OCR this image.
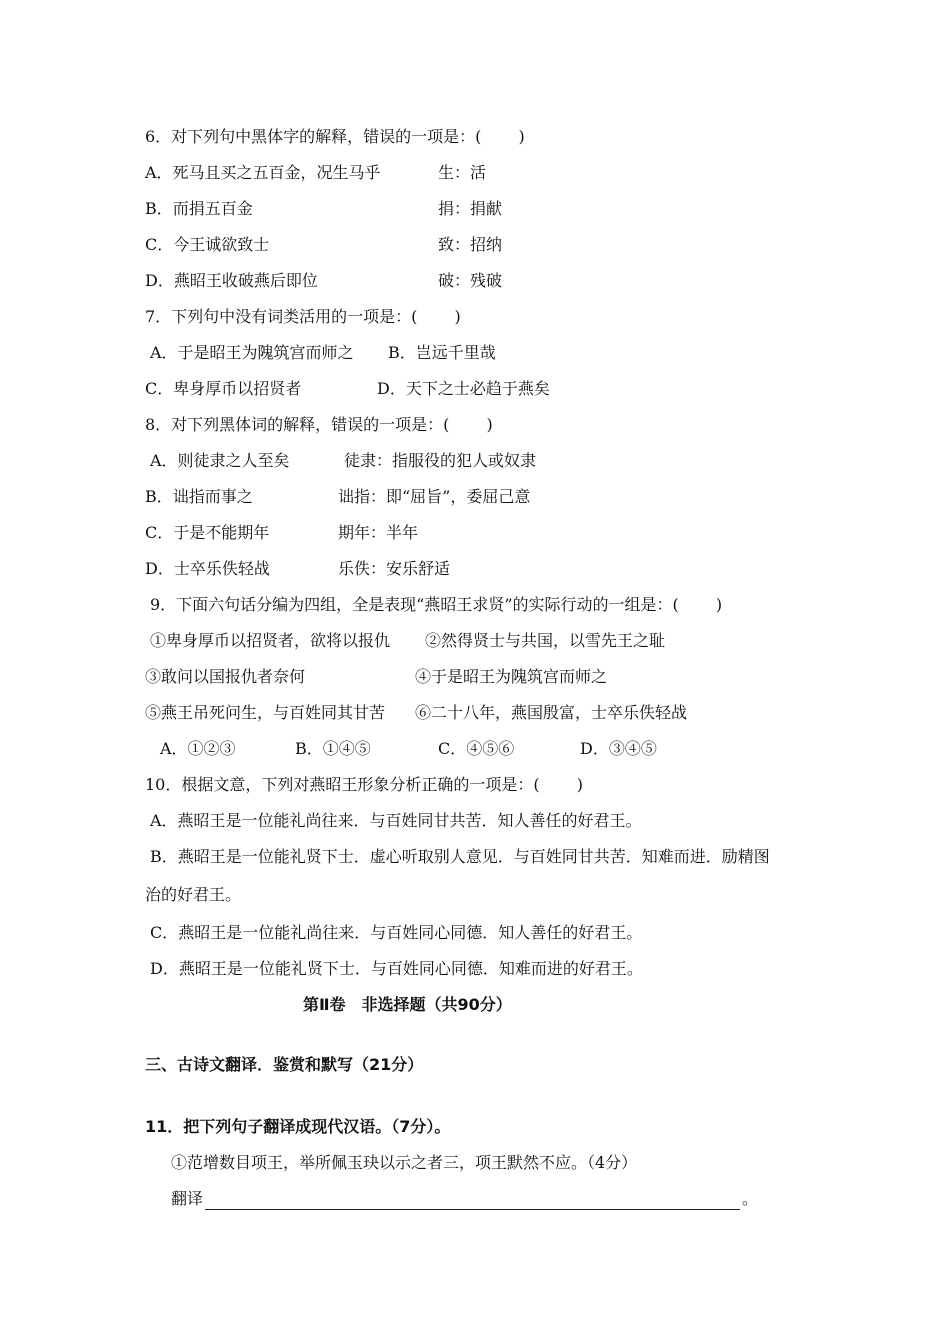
6．对下列句中黑体字的解释，错误的一项是：(　　 )
A．死马且买之五百金，况生马乎	生：活
B．而捐五百金	捐：捐献
C．今王诚欲致士	致：招纳
D．燕昭王收破燕后即位	破：残破
7．下列句中没有词类活用的一项是：(　　 )
A．于是昭王为隗筑宫而师之 B．岂远千里哉
C．卑身厚币以招贤者	D．天下之士必趋于燕矣
8．对下列黑体词的解释，错误的一项是：(　　 )
A．则徒隶之人至矣	徒隶：指服役的犯人或奴隶
B．诎指而事之	诎指：即“屈旨”，委屈己意
C．于是不能期年	期年：半年
D．士卒乐佚轻战	乐佚：安乐舒适
9．下面六句话分编为四组，全是表现“燕昭王求贤”的实际行动的一组是：(　　 )
①卑身厚币以招贤者，欲将以报仇 ②然得贤士与共国，以雪先王之耻
③敢问以国报仇者奈何	④于是昭王为隗筑宫而师之
⑤燕王吊死问生，与百姓同其甘苦 ⑥二十八年，燕国殷富，士卒乐佚轻战
A．①②③	B．①④⑤	C．④⑤⑥	D．③④⑤
10．根据文意，下列对燕昭王形象分析正确的一项是：(　　 )
A．燕昭王是一位能礼尚往来．与百姓同甘共苦．知人善任的好君王。
B．燕昭王是一位能礼贤下士．虚心听取别人意见．与百姓同甘共苦．知难而进．励精图
治的好君王。
C．燕昭王是一位能礼尚往来．与百姓同心同德．知人善任的好君王。
D．燕昭王是一位能礼贤下士．与百姓同心同德．知难而进的好君王。
第Ⅱ卷　非选择题（共90分）
三、古诗文翻译．鉴赏和默写（21分）
11．把下列句子翻译成现代汉语。（7分）。
①范增数目项王，举所佩玉玦以示之者三，项王默然不应。（4分）
翻译	。
